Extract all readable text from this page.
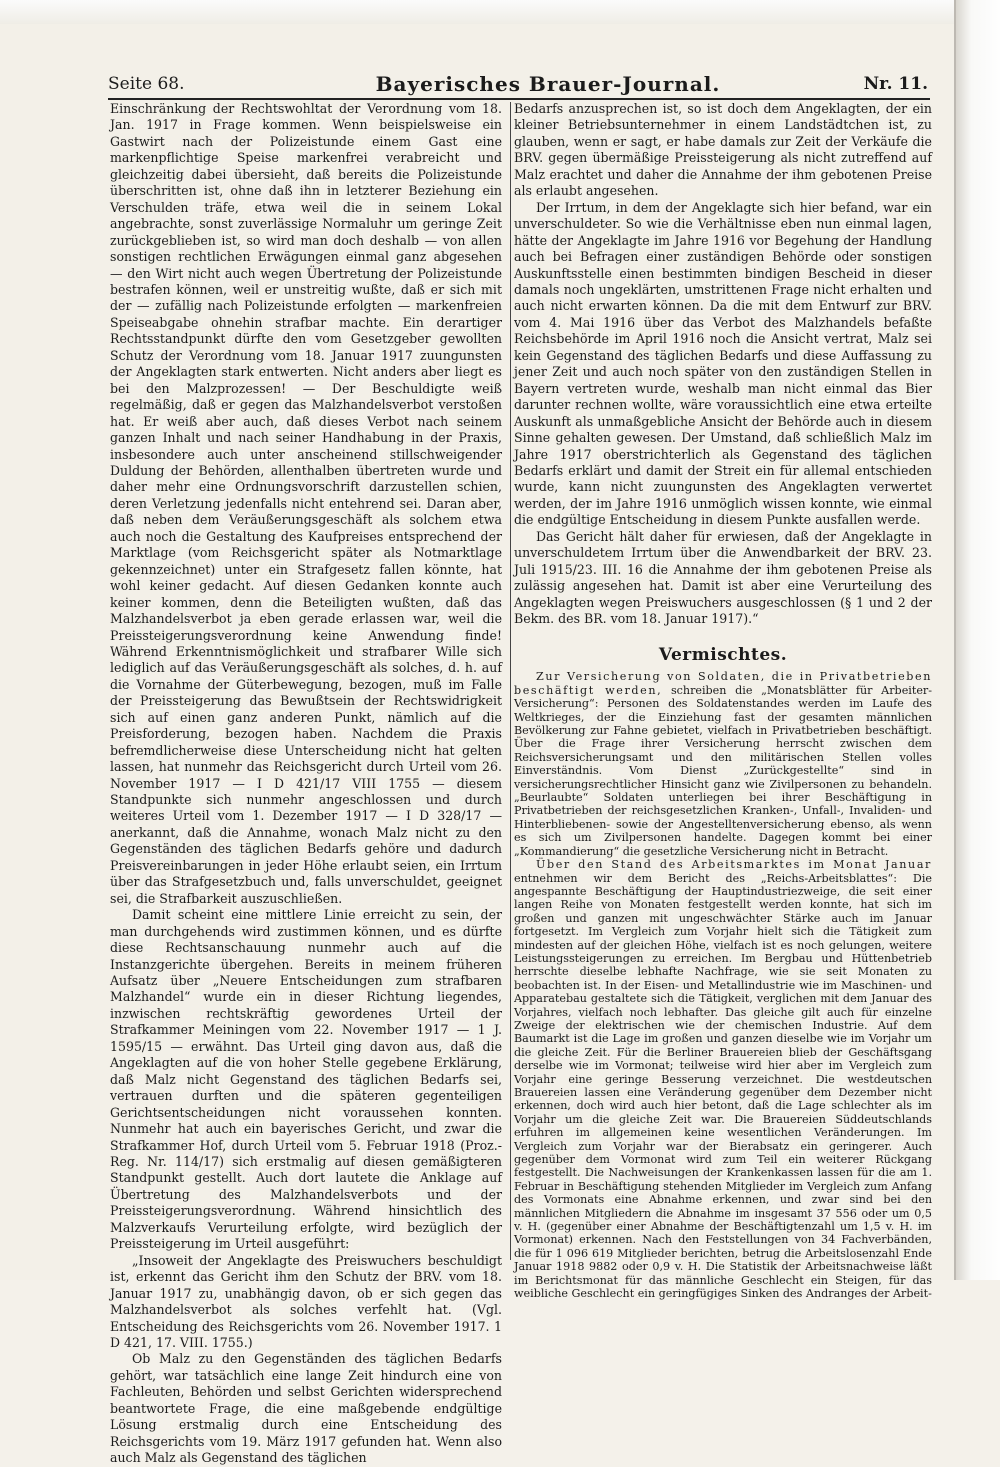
Seite 68.	Bayerisches Brauer-Journal.	Nr. 11.

Einschränkung der Rechtswohltat der Verordnung vom 18. Jan. 1917 in Frage kommen. Wenn beispielsweise ein Gastwirt nach der Polizeistunde einem Gast eine markenpflichtige Speise markenfrei verabreicht und gleichzeitig dabei übersieht, daß bereits die Polizeistunde überschritten ist, ohne daß ihn in letzterer Beziehung ein Verschulden träfe, etwa weil die in seinem Lokal angebrachte, sonst zuverlässige Normaluhr um geringe Zeit zurückgeblieben ist, so wird man doch deshalb — von allen sonstigen rechtlichen Erwägungen einmal ganz abgesehen — den Wirt nicht auch wegen Übertretung der Polizeistunde bestrafen können, weil er unstreitig wußte, daß er sich mit der — zufällig nach Polizeistunde erfolgten — markenfreien Speiseabgabe ohnehin strafbar machte. Ein derartiger Rechtsstandpunkt dürfte den vom Gesetzgeber gewollten Schutz der Verordnung vom 18. Januar 1917 zuungunsten der Angeklagten stark entwerten. Nicht anders aber liegt es bei den Malzprozessen! — Der Beschuldigte weiß regelmäßig, daß er gegen das Malzhandelsverbot verstoßen hat. Er weiß aber auch, daß dieses Verbot nach seinem ganzen Inhalt und nach seiner Handhabung in der Praxis, insbesondere auch unter anscheinend stillschweigender Duldung der Behörden, allenthalben übertreten wurde und daher mehr eine Ordnungsvorschrift darzustellen schien, deren Verletzung jedenfalls nicht entehrend sei. Daran aber, daß neben dem Veräußerungsgeschäft als solchem etwa auch noch die Gestaltung des Kaufpreises entsprechend der Marktlage (vom Reichsgericht später als Notmarktlage gekennzeichnet) unter ein Strafgesetz fallen könnte, hat wohl keiner gedacht. Auf diesen Gedanken konnte auch keiner kommen, denn die Beteiligten wußten, daß das Malzhandelsverbot ja eben gerade erlassen war, weil die Preissteigerungsverordnung keine Anwendung finde! Während Erkenntnismöglichkeit und strafbarer Wille sich lediglich auf das Veräußerungsgeschäft als solches, d. h. auf die Vornahme der Güterbewegung, bezogen, muß im Falle der Preissteigerung das Bewußtsein der Rechtswidrigkeit sich auf einen ganz anderen Punkt, nämlich auf die Preisforderung, bezogen haben. Nachdem die Praxis befremdlicherweise diese Unterscheidung nicht hat gelten lassen, hat nunmehr das Reichsgericht durch Urteil vom 26. November 1917 — I D 421/17 VIII 1755 — diesem Standpunkte sich nunmehr angeschlossen und durch weiteres Urteil vom 1. Dezember 1917 — I D 328/17 — anerkannt, daß die Annahme, wonach Malz nicht zu den Gegenständen des täglichen Bedarfs gehöre und dadurch Preisvereinbarungen in jeder Höhe erlaubt seien, ein Irrtum über das Strafgesetzbuch und, falls unverschuldet, geeignet sei, die Strafbarkeit auszuschließen.

Damit scheint eine mittlere Linie erreicht zu sein, der man durchgehends wird zustimmen können, und es dürfte diese Rechtsanschauung nunmehr auch auf die Instanzgerichte übergehen. Bereits in meinem früheren Aufsatz über „Neuere Entscheidungen zum strafbaren Malzhandel“ wurde ein in dieser Richtung liegendes, inzwischen rechtskräftig gewordenes Urteil der Strafkammer Meiningen vom 22. November 1917 — 1 J. 1595/15 — erwähnt. Das Urteil ging davon aus, daß die Angeklagten auf die von hoher Stelle gegebene Erklärung, daß Malz nicht Gegenstand des täglichen Bedarfs sei, vertrauen durften und die späteren gegenteiligen Gerichtsentscheidungen nicht voraussehen konnten. Nunmehr hat auch ein bayerisches Gericht, und zwar die Strafkammer Hof, durch Urteil vom 5. Februar 1918 (Proz.-Reg. Nr. 114/17) sich erstmalig auf diesen gemäßigteren Standpunkt gestellt. Auch dort lautete die Anklage auf Übertretung des Malzhandelsverbots und der Preissteigerungsverordnung. Während hinsichtlich des Malzverkaufs Verurteilung erfolgte, wird bezüglich der Preissteigerung im Urteil ausgeführt:

„Insoweit der Angeklagte des Preiswuchers beschuldigt ist, erkennt das Gericht ihm den Schutz der BRV. vom 18. Januar 1917 zu, unabhängig davon, ob er sich gegen das Malzhandelsverbot als solches verfehlt hat. (Vgl. Entscheidung des Reichsgerichts vom 26. November 1917. 1 D 421, 17. VIII. 1755.)

Ob Malz zu den Gegenständen des täglichen Bedarfs gehört, war tatsächlich eine lange Zeit hindurch eine von Fachleuten, Behörden und selbst Gerichten widersprechend beantwortete Frage, die eine maßgebende endgültige Lösung erstmalig durch eine Entscheidung des Reichsgerichts vom 19. März 1917 gefunden hat. Wenn also auch Malz als Gegenstand des täglichen

Bedarfs anzusprechen ist, so ist doch dem Angeklagten, der ein kleiner Betriebsunternehmer in einem Landstädtchen ist, zu glauben, wenn er sagt, er habe damals zur Zeit der Verkäufe die BRV. gegen übermäßige Preissteigerung als nicht zutreffend auf Malz erachtet und daher die Annahme der ihm gebotenen Preise als erlaubt angesehen.

Der Irrtum, in dem der Angeklagte sich hier befand, war ein unverschuldeter. So wie die Verhältnisse eben nun einmal lagen, hätte der Angeklagte im Jahre 1916 vor Begehung der Handlung auch bei Befragen einer zuständigen Behörde oder sonstigen Auskunftsstelle einen bestimmten bindigen Bescheid in dieser damals noch ungeklärten, umstrittenen Frage nicht erhalten und auch nicht erwarten können. Da die mit dem Entwurf zur BRV. vom 4. Mai 1916 über das Verbot des Malzhandels befaßte Reichsbehörde im April 1916 noch die Ansicht vertrat, Malz sei kein Gegenstand des täglichen Bedarfs und diese Auffassung zu jener Zeit und auch noch später von den zuständigen Stellen in Bayern vertreten wurde, weshalb man nicht einmal das Bier darunter rechnen wollte, wäre voraussichtlich eine etwa erteilte Auskunft als unmaßgebliche Ansicht der Behörde auch in diesem Sinne gehalten gewesen. Der Umstand, daß schließlich Malz im Jahre 1917 oberstrichterlich als Gegenstand des täglichen Bedarfs erklärt und damit der Streit ein für allemal entschieden wurde, kann nicht zuungunsten des Angeklagten verwertet werden, der im Jahre 1916 unmöglich wissen konnte, wie einmal die endgültige Entscheidung in diesem Punkte ausfallen werde.

Das Gericht hält daher für erwiesen, daß der Angeklagte in unverschuldetem Irrtum über die Anwendbarkeit der BRV. 23. Juli 1915/23. III. 16 die Annahme der ihm gebotenen Preise als zulässig angesehen hat. Damit ist aber eine Verurteilung des Angeklagten wegen Preiswuchers ausgeschlossen (§ 1 und 2 der Bekm. des BR. vom 18. Januar 1917).“

Vermischtes.

Zur Versicherung von Soldaten, die in Privatbetrieben beschäftigt werden, schreiben die „Monatsblätter für Arbeiter-Versicherung“: Personen des Soldatenstandes werden im Laufe des Weltkrieges, der die Einziehung fast der gesamten männlichen Bevölkerung zur Fahne gebietet, vielfach in Privatbetrieben beschäftigt. Über die Frage ihrer Versicherung herrscht zwischen dem Reichsversicherungsamt und den militärischen Stellen volles Einverständnis. Vom Dienst „Zurückgestellte“ sind in versicherungsrechtlicher Hinsicht ganz wie Zivilpersonen zu behandeln. „Beurlaubte“ Soldaten unterliegen bei ihrer Beschäftigung in Privatbetrieben der reichsgesetzlichen Kranken-, Unfall-, Invaliden- und Hinterbliebenen- sowie der Angestelltenversicherung ebenso, als wenn es sich um Zivilpersonen handelte. Dagegen kommt bei einer „Kommandierung“ die gesetzliche Versicherung nicht in Betracht.

Über den Stand des Arbeitsmarktes im Monat Januar entnehmen wir dem Bericht des „Reichs-Arbeitsblattes“: Die angespannte Beschäftigung der Hauptindustriezweige, die seit einer langen Reihe von Monaten festgestellt werden konnte, hat sich im großen und ganzen mit ungeschwächter Stärke auch im Januar fortgesetzt. Im Vergleich zum Vorjahr hielt sich die Tätigkeit zum mindesten auf der gleichen Höhe, vielfach ist es noch gelungen, weitere Leistungssteigerungen zu erreichen. Im Bergbau und Hüttenbetrieb herrschte dieselbe lebhafte Nachfrage, wie sie seit Monaten zu beobachten ist. In der Eisen- und Metallindustrie wie im Maschinen- und Apparatebau gestaltete sich die Tätigkeit, verglichen mit dem Januar des Vorjahres, vielfach noch lebhafter. Das gleiche gilt auch für einzelne Zweige der elektrischen wie der chemischen Industrie. Auf dem Baumarkt ist die Lage im großen und ganzen dieselbe wie im Vorjahr um die gleiche Zeit. Für die Berliner Brauereien blieb der Geschäftsgang derselbe wie im Vormonat; teilweise wird hier aber im Vergleich zum Vorjahr eine geringe Besserung verzeichnet. Die westdeutschen Brauereien lassen eine Veränderung gegenüber dem Dezember nicht erkennen, doch wird auch hier betont, daß die Lage schlechter als im Vorjahr um die gleiche Zeit war. Die Brauereien Süddeutschlands erfuhren im allgemeinen keine wesentlichen Veränderungen. Im Vergleich zum Vorjahr war der Bierabsatz ein geringerer. Auch gegenüber dem Vormonat wird zum Teil ein weiterer Rückgang festgestellt. Die Nachweisungen der Krankenkassen lassen für die am 1. Februar in Beschäftigung stehenden Mitglieder im Vergleich zum Anfang des Vormonats eine Abnahme erkennen, und zwar sind bei den männlichen Mitgliedern die Abnahme im insgesamt 37 556 oder um 0,5 v. H. (gegenüber einer Abnahme der Beschäftigtenzahl um 1,5 v. H. im Vormonat) erkennen. Nach den Feststellungen von 34 Fachverbänden, die für 1 096 619 Mitglieder berichten, betrug die Arbeitslosenzahl Ende Januar 1918 9882 oder 0,9 v. H. Die Statistik der Arbeitsnachweise läßt im Berichtsmonat für das männliche Geschlecht ein Steigen, für das weibliche Geschlecht ein geringfügiges Sinken des Andranges der Arbeit-
